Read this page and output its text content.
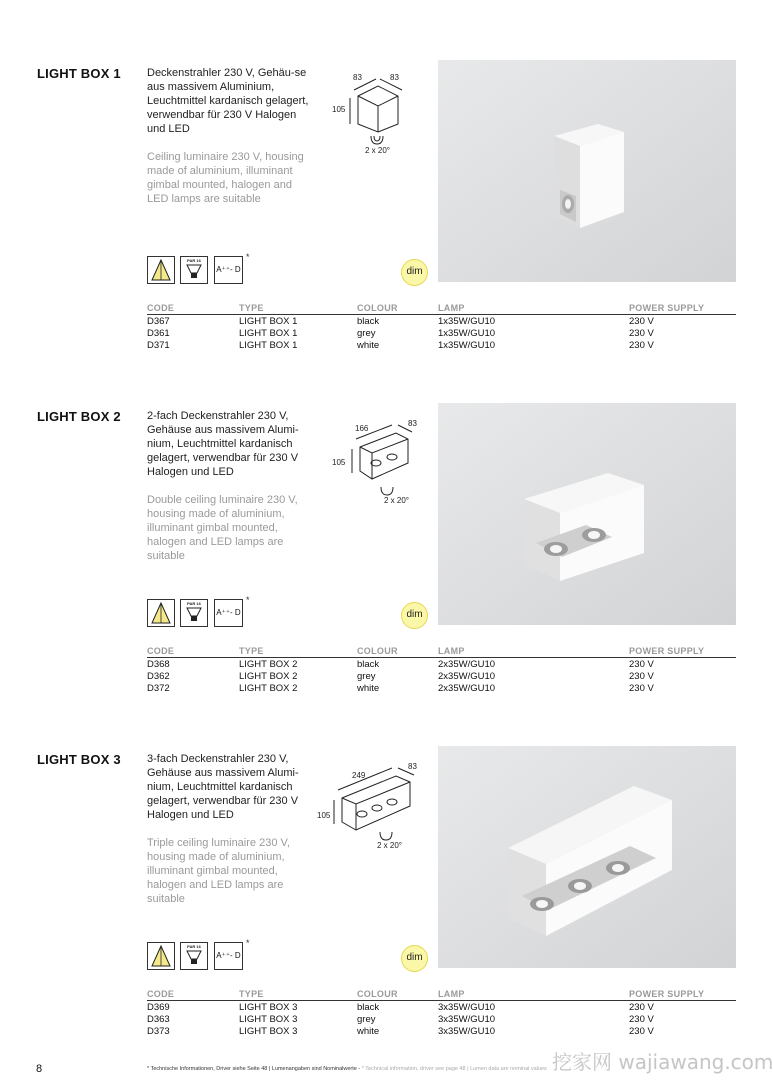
LIGHT BOX 1 Deckenstrahler 230 V, Gehäu-se aus massivem Aluminium, Leuchtmittel kardanisch gelagert, verwendbar für 230 V Halogen und LED
Ceiling luminaire 230 V, housing made of aluminium, illuminant gimbal mounted, halogen and LED lamps are suitable
83	83
105
2 x 20°
PAR 16
A⁺⁺- D
*
dim
CODE	TYPE	COLOUR	LAMP	POWER SUPPLY
D367	LIGHT BOX 1	black	1x35W/GU10	230 V
D361	LIGHT BOX 1	grey	1x35W/GU10	230 V
D371	LIGHT BOX 1	white	1x35W/GU10	230 V
LIGHT BOX 2 2-fach Deckenstrahler 230 V, Gehäuse aus massivem Alumi-nium, Leuchtmittel kardanisch gelagert, verwendbar für 230 V Halogen und LED
Double ceiling luminaire 230 V, housing made of aluminium, illuminant gimbal mounted, halogen and LED lamps are suitable
166
83
105
2 x 20°
PAR 16
A⁺⁺- D
*
dim
CODE	TYPE	COLOUR	LAMP	POWER SUPPLY
D368	LIGHT BOX 2	black	2x35W/GU10	230 V
D362	LIGHT BOX 2	grey	2x35W/GU10	230 V
D372	LIGHT BOX 2	white	2x35W/GU10	230 V
LIGHT BOX 3 3-fach Deckenstrahler 230 V, Gehäuse aus massivem Alumi-nium, Leuchtmittel kardanisch gelagert, verwendbar für 230 V Halogen und LED
Triple ceiling luminaire 230 V, housing made of aluminium, illuminant gimbal mounted, halogen and LED lamps are suitable
249
83
105
2 x 20°
PAR 16
A⁺⁺- D
*
dim
CODE	TYPE	COLOUR	LAMP	POWER SUPPLY
D369	LIGHT BOX 3	black	3x35W/GU10	230 V
D363	LIGHT BOX 3	grey	3x35W/GU10	230 V
D373	LIGHT BOX 3	white	3x35W/GU10	230 V
8	* Technische Informationen, Driver siehe Seite 48 | Lumenangaben sind Nominalwerte - * Technical information, driver see page 48 | Lumen data are nominal values 挖家网 wajiawang.com
